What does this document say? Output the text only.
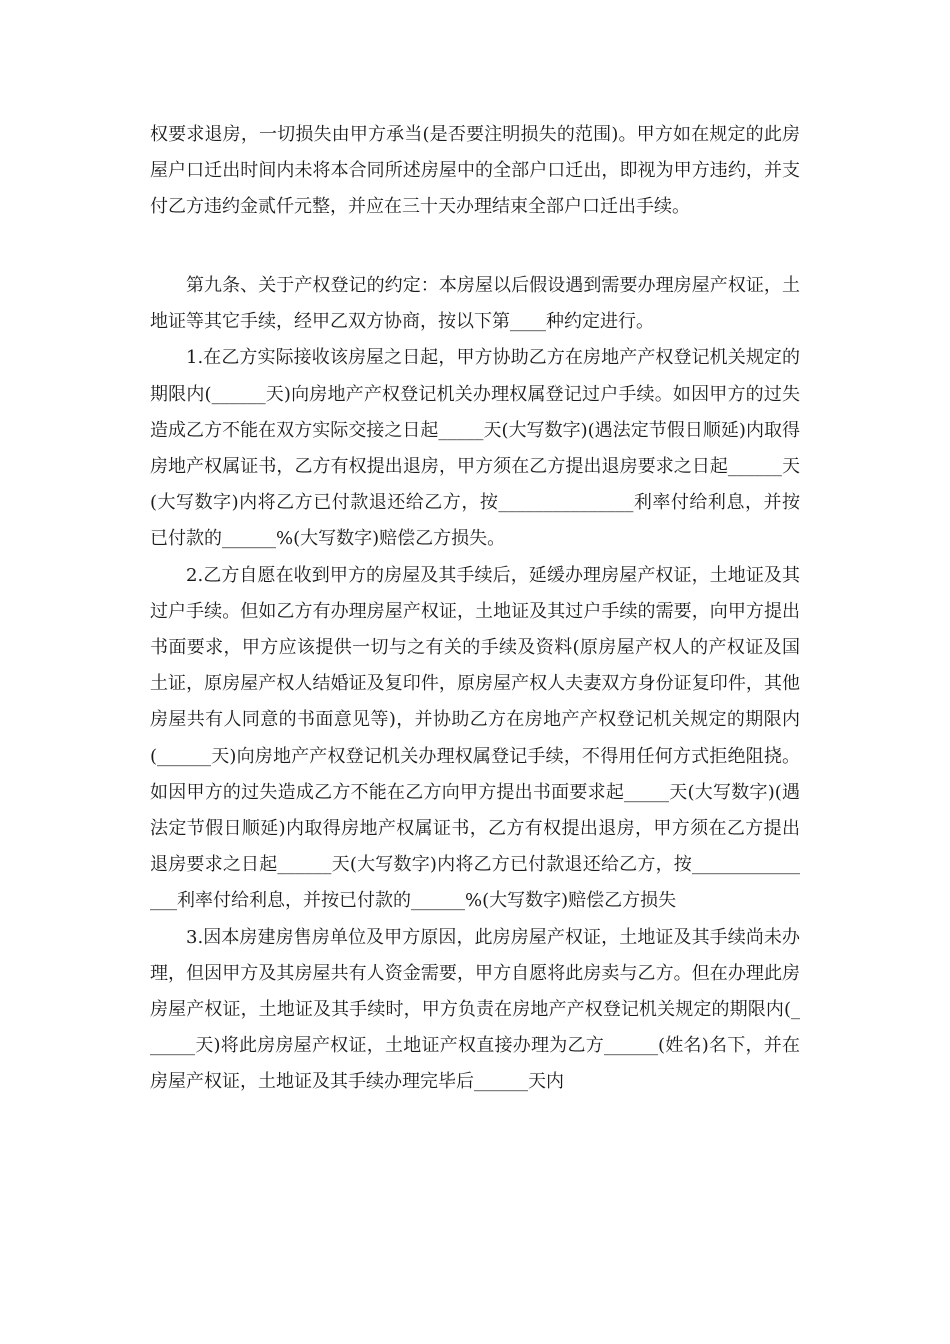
权要求退房，一切损失由甲方承当(是否要注明损失的范围)。甲方如在规定的此房屋户口迁出时间内未将本合同所述房屋中的全部户口迁出，即视为甲方违约，并支付乙方违约金贰仟元整，并应在三十天办理结束全部户口迁出手续。

第九条、关于产权登记的约定：本房屋以后假设遇到需要办理房屋产权证，土地证等其它手续，经甲乙双方协商，按以下第____种约定进行。

1.在乙方实际接收该房屋之日起，甲方协助乙方在房地产产权登记机关规定的期限内(______天)向房地产产权登记机关办理权属登记过户手续。如因甲方的过失造成乙方不能在双方实际交接之日起_____天(大写数字)(遇法定节假日顺延)内取得房地产权属证书，乙方有权提出退房，甲方须在乙方提出退房要求之日起______天(大写数字)内将乙方已付款退还给乙方，按_______________利率付给利息，并按已付款的______%(大写数字)赔偿乙方损失。

2.乙方自愿在收到甲方的房屋及其手续后，延缓办理房屋产权证，土地证及其过户手续。但如乙方有办理房屋产权证，土地证及其过户手续的需要，向甲方提出书面要求，甲方应该提供一切与之有关的手续及资料(原房屋产权人的产权证及国土证，原房屋产权人结婚证及复印件，原房屋产权人夫妻双方身份证复印件，其他房屋共有人同意的书面意见等)，并协助乙方在房地产产权登记机关规定的期限内(______天)向房地产产权登记机关办理权属登记手续，不得用任何方式拒绝阻挠。如因甲方的过失造成乙方不能在乙方向甲方提出书面要求起_____天(大写数字)(遇法定节假日顺延)内取得房地产权属证书，乙方有权提出退房，甲方须在乙方提出退房要求之日起______天(大写数字)内将乙方已付款退还给乙方，按_______________利率付给利息，并按已付款的______%(大写数字)赔偿乙方损失

3.因本房建房售房单位及甲方原因，此房房屋产权证，土地证及其手续尚未办理，但因甲方及其房屋共有人资金需要，甲方自愿将此房卖与乙方。但在办理此房房屋产权证，土地证及其手续时，甲方负责在房地产产权登记机关规定的期限内(______天)将此房房屋产权证，土地证产权直接办理为乙方______(姓名)名下，并在房屋产权证，土地证及其手续办理完毕后______天内
